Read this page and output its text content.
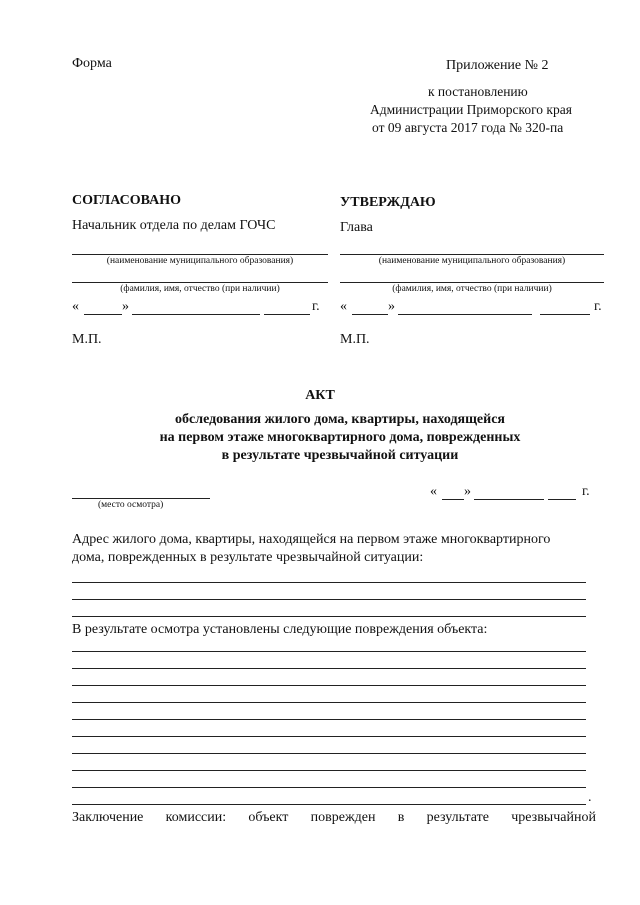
Форма	Приложение № 2
к постановлению
Администрации Приморского края
от 09 августа 2017 года № 320-па
СОГЛАСОВАНО
Начальник отдела по делам ГОЧС
(наименование муниципального образования)
(фамилия, имя, отчество (при наличии)
«	»	г.
М.П.
УТВЕРЖДАЮ
Глава
(наименование муниципального образования)
(фамилия, имя, отчество (при наличии)
«	»	г.
М.П.
АКТ
обследования жилого дома, квартиры, находящейся
на первом этаже многоквартирного дома, поврежденных
в результате чрезвычайной ситуации
(место осмотра)
« »	г.
Адрес жилого дома, квартиры, находящейся на первом этаже многоквартирного
дома, поврежденных в результате чрезвычайной ситуации:
В результате осмотра установлены следующие повреждения объекта:
.
Заключение комиссии: объект поврежден в результате чрезвычайной
